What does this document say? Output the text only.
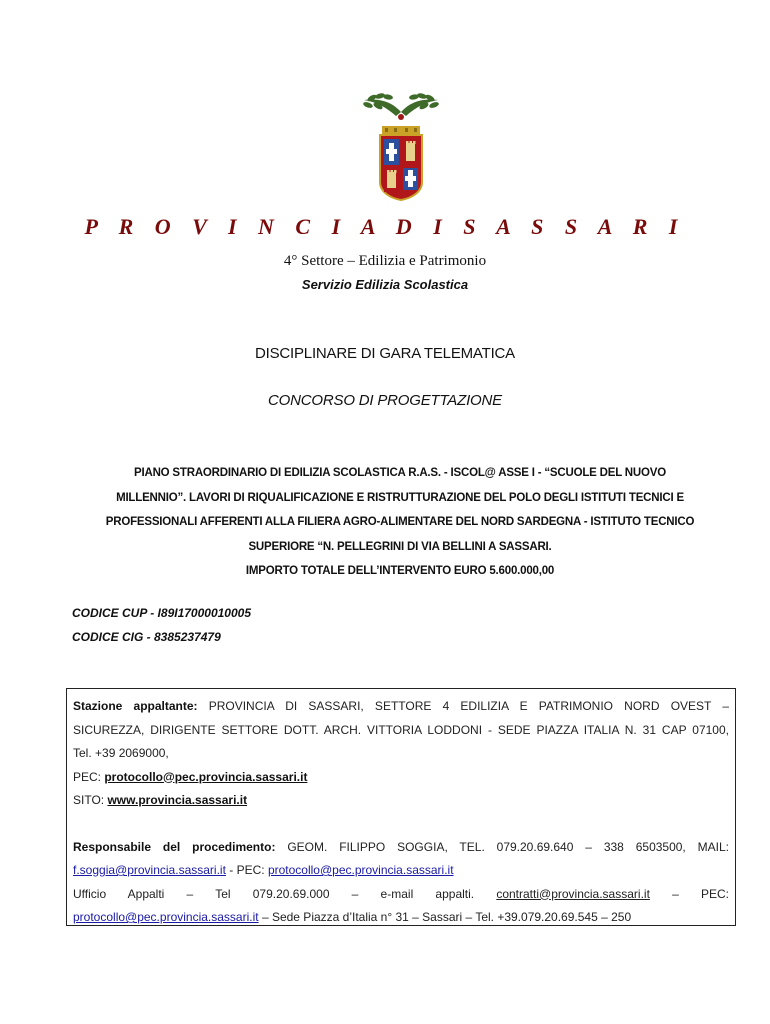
P R O V I N C I A D I S A S S A R I
4° Settore – Edilizia e Patrimonio
Servizio Edilizia Scolastica
DISCIPLINARE DI GARA TELEMATICA
CONCORSO DI PROGETTAZIONE

PIANO STRAORDINARIO DI EDILIZIA SCOLASTICA R.A.S. - ISCOL@ ASSE I - “SCUOLE DEL NUOVO

MILLENNIO”. LAVORI DI RIQUALIFICAZIONE E RISTRUTTURAZIONE DEL POLO DEGLI ISTITUTI TECNICI E

PROFESSIONALI AFFERENTI ALLA FILIERA AGRO-ALIMENTARE DEL NORD SARDEGNA - ISTITUTO TECNICO

SUPERIORE “N. PELLEGRINI DI VIA BELLINI A SASSARI.

IMPORTO TOTALE DELL’INTERVENTO EURO 5.600.000,00

CODICE CUP - I89I17000010005

CODICE CIG - 8385237479

Stazione appaltante: PROVINCIA DI SASSARI, SETTORE 4 EDILIZIA E PATRIMONIO NORD OVEST –

SICUREZZA, DIRIGENTE SETTORE DOTT. ARCH. VITTORIA LODDONI - SEDE PIAZZA ITALIA N. 31 CAP 07100,

Tel. +39 2069000,

PEC: protocollo@pec.provincia.sassari.it

SITO: www.provincia.sassari.it

Responsabile del procedimento: GEOM. FILIPPO SOGGIA, TEL. 079.20.69.640 – 338 6503500, MAIL:

f.soggia@provincia.sassari.it - PEC: protocollo@pec.provincia.sassari.it

Ufficio Appalti – Tel 079.20.69.000 – e-mail appalti. contratti@provincia.sassari.it – PEC:

protocollo@pec.provincia.sassari.it – Sede Piazza d’Italia n° 31 – Sassari – Tel. +39.079.20.69.545 – 250
